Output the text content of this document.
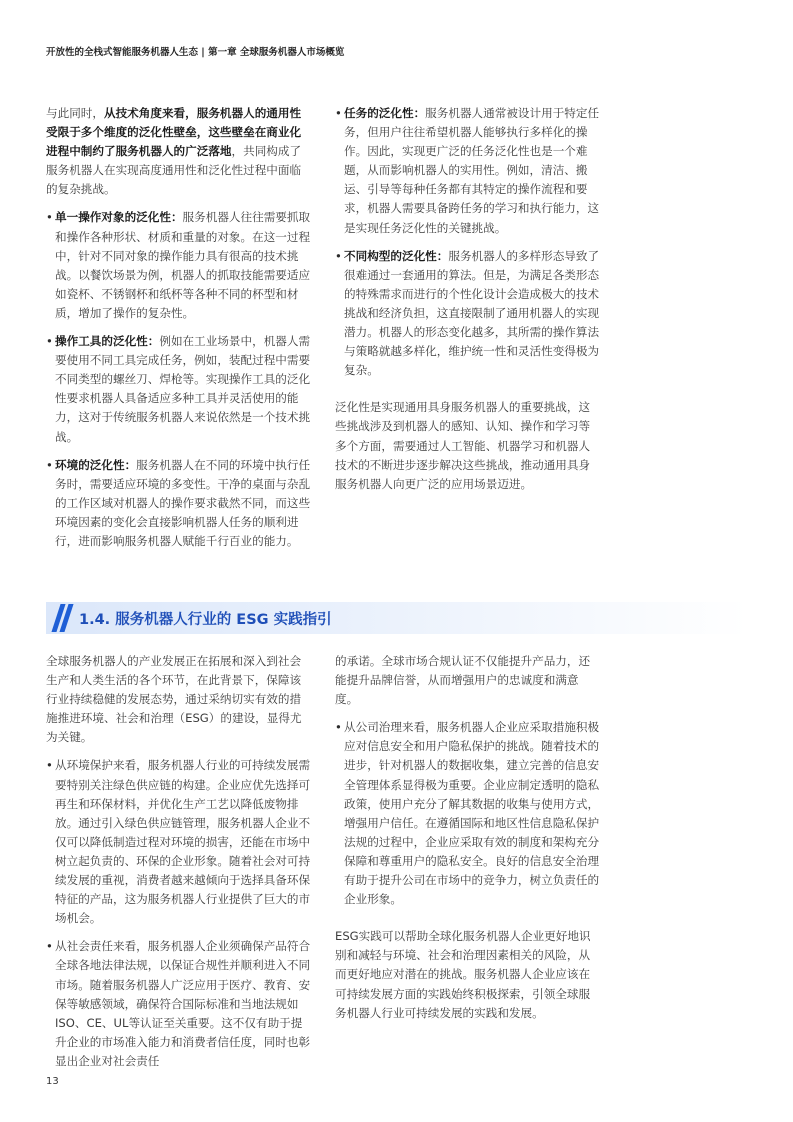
开放性的全栈式智能服务机器人生态 | 第一章 全球服务机器人市场概览

与此同时，从技术角度来看，服务机器人的通用性受限于多个维度的泛化性壁垒，这些壁垒在商业化进程中制约了服务机器人的广泛落地，共同构成了服务机器人在实现高度通用性和泛化性过程中面临的复杂挑战。

• 单一操作对象的泛化性：服务机器人往往需要抓取和操作各种形状、材质和重量的对象。在这一过程中，针对不同对象的操作能力具有很高的技术挑战。以餐饮场景为例，机器人的抓取技能需要适应如瓷杯、不锈钢杯和纸杯等各种不同的杯型和材质，增加了操作的复杂性。

• 操作工具的泛化性：例如在工业场景中，机器人需要使用不同工具完成任务，例如，装配过程中需要不同类型的螺丝刀、焊枪等。实现操作工具的泛化性要求机器人具备适应多种工具并灵活使用的能力，这对于传统服务机器人来说依然是一个技术挑战。

• 环境的泛化性：服务机器人在不同的环境中执行任务时，需要适应环境的多变性。干净的桌面与杂乱的工作区域对机器人的操作要求截然不同，而这些环境因素的变化会直接影响机器人任务的顺利进行，进而影响服务机器人赋能千行百业的能力。

• 任务的泛化性：服务机器人通常被设计用于特定任务，但用户往往希望机器人能够执行多样化的操作。因此，实现更广泛的任务泛化性也是一个难题，从而影响机器人的实用性。例如，清洁、搬运、引导等每种任务都有其特定的操作流程和要求，机器人需要具备跨任务的学习和执行能力，这是实现任务泛化性的关键挑战。

• 不同构型的泛化性：服务机器人的多样形态导致了很难通过一套通用的算法。但是，为满足各类形态的特殊需求而进行的个性化设计会造成极大的技术挑战和经济负担，这直接限制了通用机器人的实现潜力。机器人的形态变化越多，其所需的操作算法与策略就越多样化，维护统一性和灵活性变得极为复杂。

泛化性是实现通用具身服务机器人的重要挑战，这些挑战涉及到机器人的感知、认知、操作和学习等多个方面，需要通过人工智能、机器学习和机器人技术的不断进步逐步解决这些挑战，推动通用具身服务机器人向更广泛的应用场景迈进。

1.4. 服务机器人行业的 ESG 实践指引

全球服务机器人的产业发展正在拓展和深入到社会生产和人类生活的各个环节，在此背景下，保障该行业持续稳健的发展态势，通过采纳切实有效的措施推进环境、社会和治理（ESG）的建设，显得尤为关键。

• 从环境保护来看，服务机器人行业的可持续发展需要特别关注绿色供应链的构建。企业应优先选择可再生和环保材料，并优化生产工艺以降低废物排放。通过引入绿色供应链管理，服务机器人企业不仅可以降低制造过程对环境的损害，还能在市场中树立起负责的、环保的企业形象。随着社会对可持续发展的重视，消费者越来越倾向于选择具备环保特征的产品，这为服务机器人行业提供了巨大的市场机会。

• 从社会责任来看，服务机器人企业须确保产品符合全球各地法律法规，以保证合规性并顺利进入不同市场。随着服务机器人广泛应用于医疗、教育、安保等敏感领域，确保符合国际标准和当地法规如ISO、CE、UL等认证至关重要。这不仅有助于提升企业的市场准入能力和消费者信任度，同时也彰显出企业对社会责任

的承诺。全球市场合规认证不仅能提升产品力，还能提升品牌信誉，从而增强用户的忠诚度和满意度。

• 从公司治理来看，服务机器人企业应采取措施积极应对信息安全和用户隐私保护的挑战。随着技术的进步，针对机器人的数据收集，建立完善的信息安全管理体系显得极为重要。企业应制定透明的隐私政策，使用户充分了解其数据的收集与使用方式，增强用户信任。在遵循国际和地区性信息隐私保护法规的过程中，企业应采取有效的制度和架构充分保障和尊重用户的隐私安全。良好的信息安全治理有助于提升公司在市场中的竞争力，树立负责任的企业形象。

ESG实践可以帮助全球化服务机器人企业更好地识别和减轻与环境、社会和治理因素相关的风险，从而更好地应对潜在的挑战。服务机器人企业应该在可持续发展方面的实践始终积极探索，引领全球服务机器人行业可持续发展的实践和发展。

13
